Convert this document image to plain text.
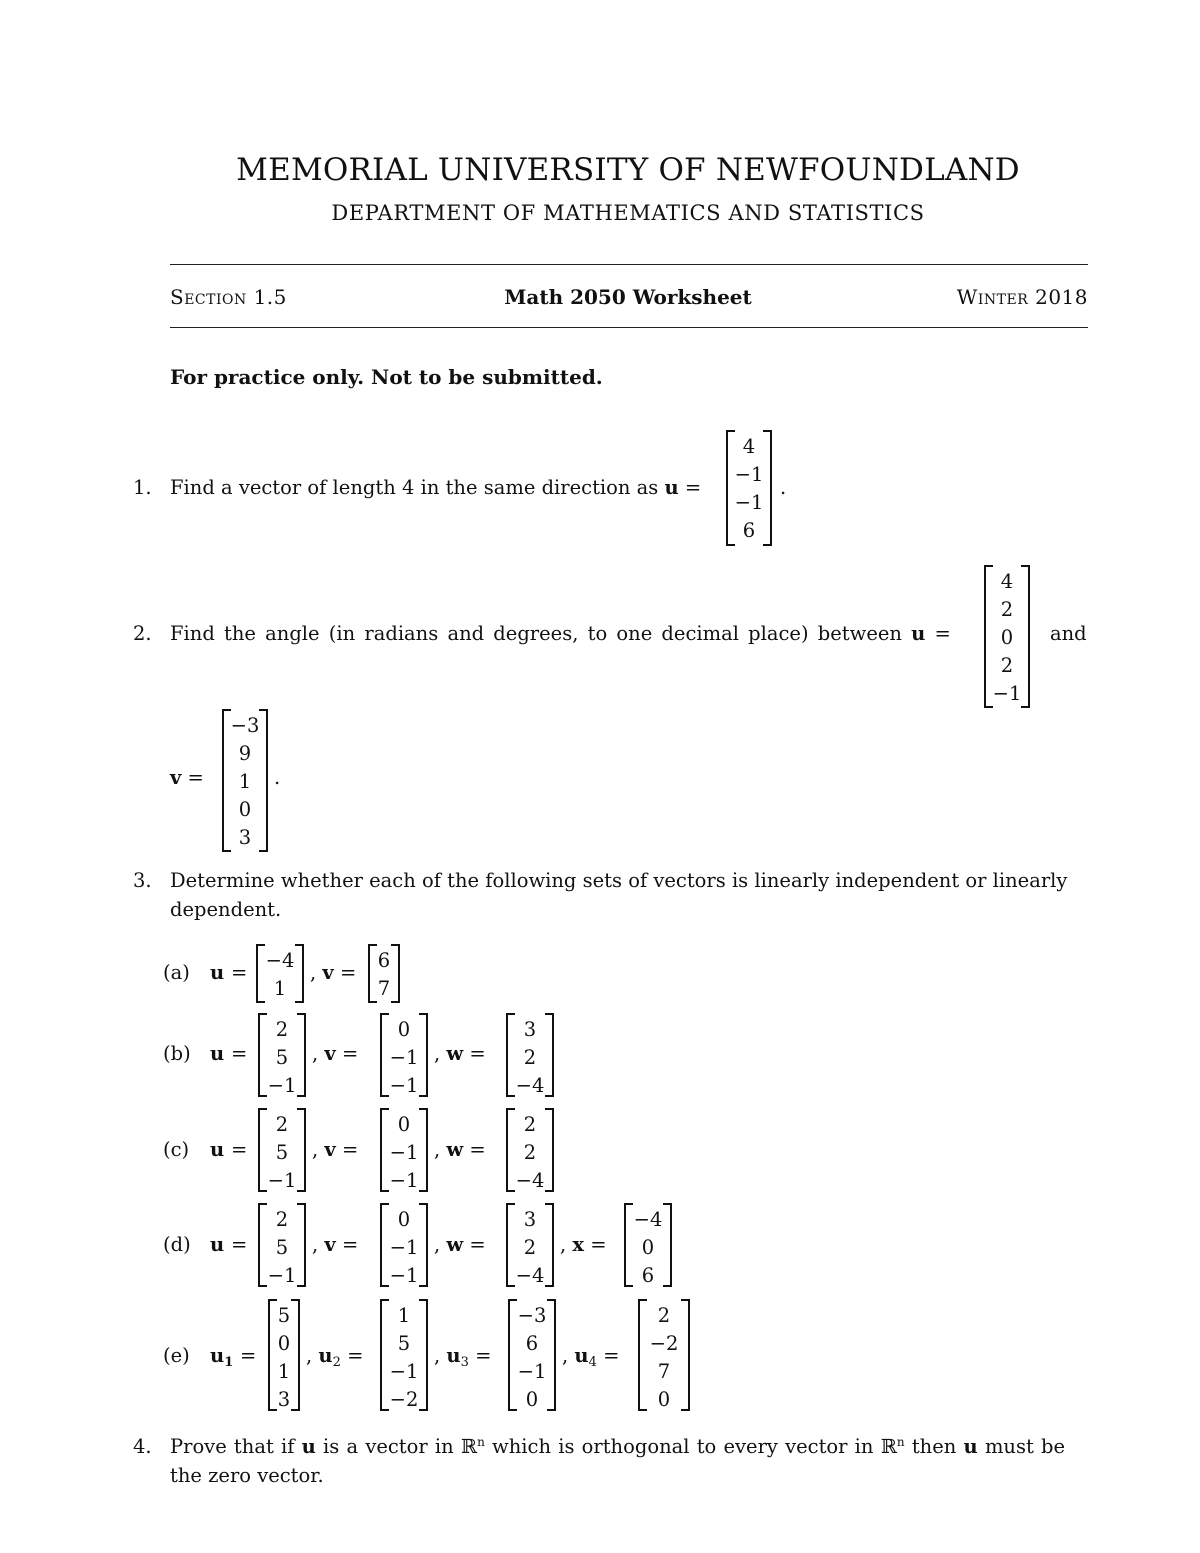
MEMORIAL UNIVERSITY OF NEWFOUNDLAND
DEPARTMENT OF MATHEMATICS AND STATISTICS
Section 1.5	Math 2050 Worksheet	Winter 2018
For practice only. Not to be submitted.
1. Find a vector of length 4 in the same direction as u =
4
−1
−1
6
.
2. Find the angle (in radians and degrees, to one decimal place) between u =
4
2
0
2
−1
and
v =
−3
9
1
0
3
.
3. Determine whether each of the following sets of vectors is linearly independent or linearly
dependent.
(a) u =
−4
1
, v =
6
7
(b) u =
2
5
−1
, v =
0
−1
−1
, w =
3
2
−4
(c) u =
2
5
−1
, v =
0
−1
−1
, w =
2
2
−4
(d) u =
2
5
−1
, v =
0
−1
−1
, w =
3
2
−4
, x =
−4
0
6
(e) $u_1$ =
5
0
1
3
, $u_2$ =
1
5
−1
−2
, $u_3$ =
−3
6
−1
0
, $u_4$ =
2
−2
7
0
4. Prove that if u is a vector in ℝ$^n$ which is orthogonal to every vector in ℝ$^n$ then u must be
the zero vector.
